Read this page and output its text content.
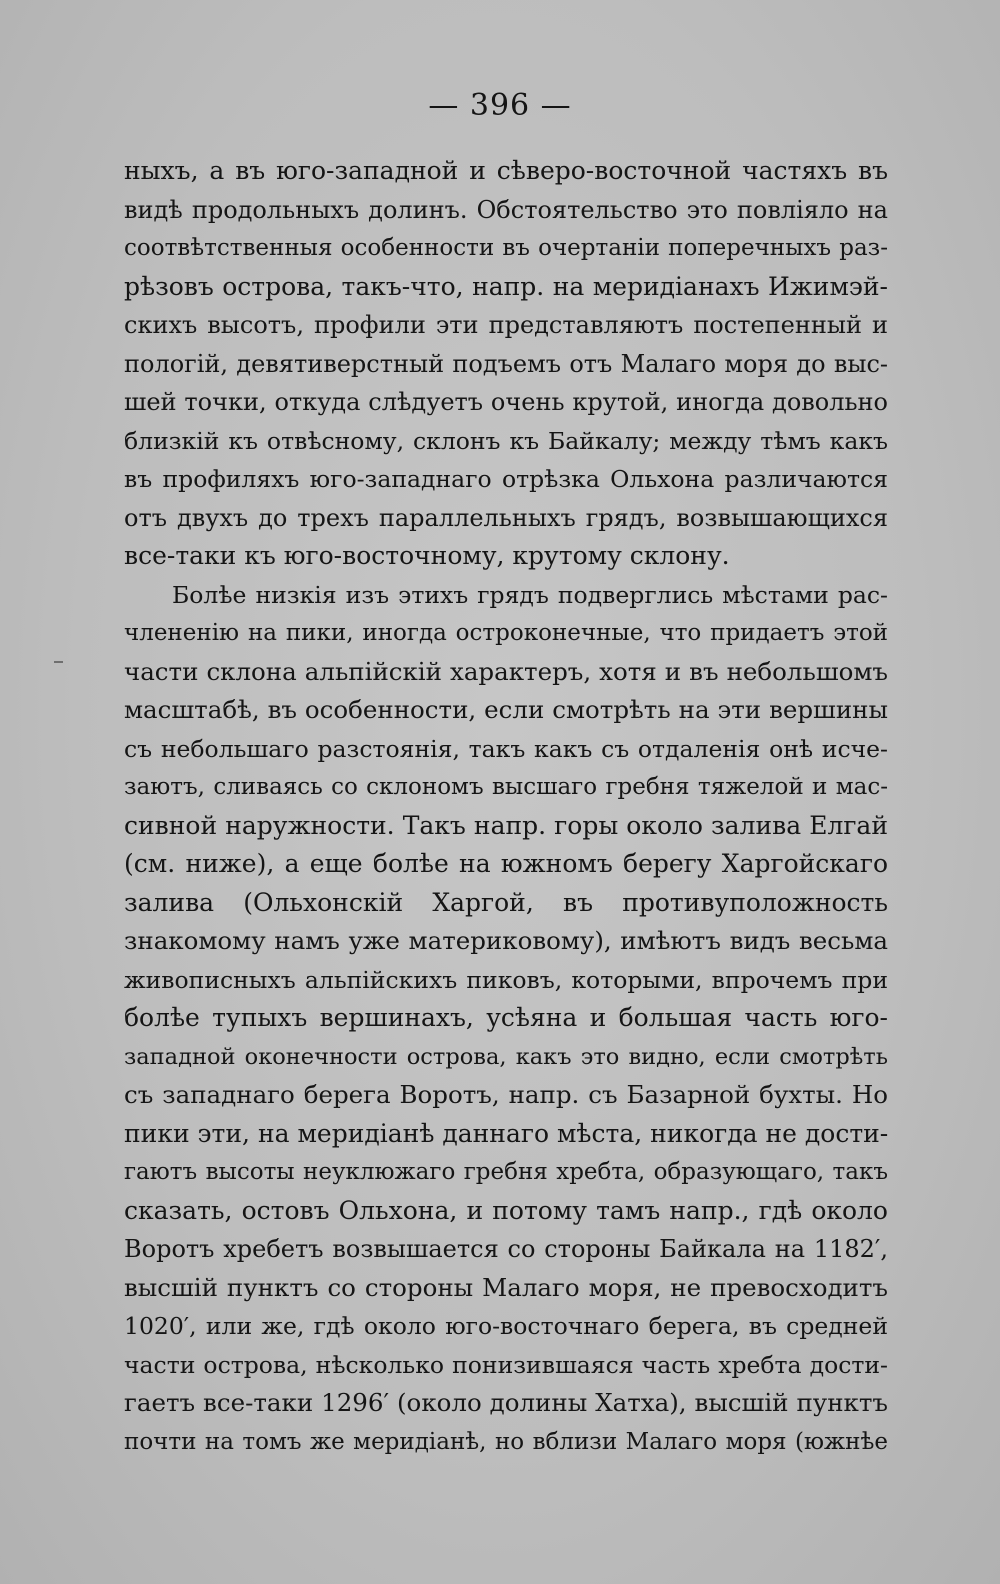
— 396 —
ныхъ, а въ юго-западной и сѣверо-восточной частяхъ въ
видѣ продольныхъ долинъ. Обстоятельство это повліяло на
соотвѣтственныя особенности въ очертаніи поперечныхъ раз-
рѣзовъ острова, такъ-что, напр. на меридіанахъ Ижимэй-
скихъ высотъ, профили эти представляютъ постепенный и
пологій, девятиверстный подъемъ отъ Малаго моря до выс-
шей точки, откуда слѣдуетъ очень крутой, иногда довольно
близкій къ отвѣсному, склонъ къ Байкалу; между тѣмъ какъ
въ профиляхъ юго-западнаго отрѣзка Ольхона различаются
отъ двухъ до трехъ параллельныхъ грядъ, возвышающихся
все-таки къ юго-восточному, крутому склону.
Болѣе низкія изъ этихъ грядъ подверглись мѣстами рас-
члененію на пики, иногда остроконечные, что придаетъ этой
части склона альпійскій характеръ, хотя и въ небольшомъ
масштабѣ, въ особенности, если смотрѣть на эти вершины
съ небольшаго разстоянія, такъ какъ съ отдаленія онѣ исче-
заютъ, сливаясь со склономъ высшаго гребня тяжелой и мас-
сивной наружности. Такъ напр. горы около залива Елгай
(см. ниже), а еще болѣе на южномъ берегу Харгойскаго
залива (Ольхонскій Харгой, въ противуположность
знакомому намъ уже материковому), имѣютъ видъ весьма
живописныхъ альпійскихъ пиковъ, которыми, впрочемъ при
болѣе тупыхъ вершинахъ, усѣяна и большая часть юго-
западной оконечности острова, какъ это видно, если смотрѣть
съ западнаго берега Воротъ, напр. съ Базарной бухты. Но
пики эти, на меридіанѣ даннаго мѣста, никогда не дости-
гаютъ высоты неуклюжаго гребня хребта, образующаго, такъ
сказать, остовъ Ольхона, и потому тамъ напр., гдѣ около
Воротъ хребетъ возвышается со стороны Байкала на 1182′,
высшій пунктъ со стороны Малаго моря, не превосходитъ
1020′, или же, гдѣ около юго-восточнаго берега, въ средней
части острова, нѣсколько понизившаяся часть хребта дости-
гаетъ все-таки 1296′ (около долины Хатха), высшій пунктъ
почти на томъ же меридіанѣ, но вблизи Малаго моря (южнѣе
